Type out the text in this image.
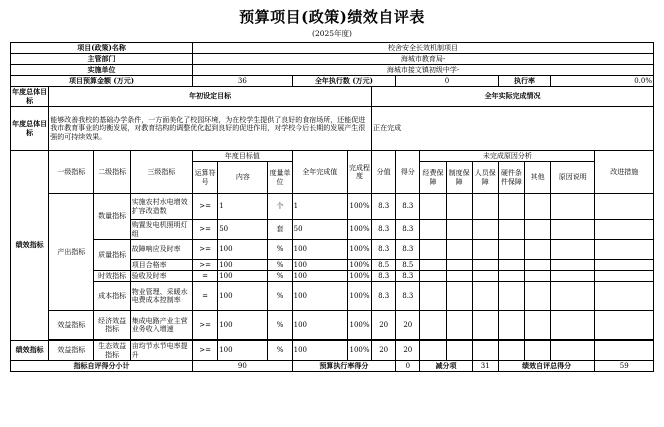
预算项目(政策)绩效自评表
(2025年度)
项目(政策)名称				校舍安全长效机制项目													
主管部门				海城市教育局-													
实施单位				海城市接文镇初级中学-													
项目预算金额 (万元)				36			全年执行数 (万元)			0				执行率		0.0%	
年度总体目标	年初设定目标								全年实际完成情况								
年度总体目标	能够改善我校的基础办学条件，一方面美化了校园环境，为在校学生提供了良好的食宿场所，还能促进我市教育事业的均衡发展，对教育结构的调整优化起到良好的促进作用，对学校今后长期的发展产生很强的可持续效果。								正在完成								
绩效指标	一级指标	二级指标	三级指标	年度目标值			全年完成值	完成程度	分值	得分	未完成原因分析						改进措施
				运算符号	内容	度量单位					经费保障	制度保障	人员保障	硬件条件保障	其他	原因说明	
	产出指标	数量指标	实施农村水电增效扩容改造数	>=	1	个	1	100%	8.3	8.3							
			购置发电机照明灯组	>=	50	套	50	100%	8.3	8.3							
		质量指标	故障响应及时率	>=	100	%	100	100%	8.3	8.3							
			项目合格率	>=	100	%	100	100%	8.5	8.5							
		时效指标	验收及时率	=	100	%	100	100%	8.3	8.3							
		成本指标	物业管理、采暖水电费成本控制率	=	100	%	100	100%	8.3	8.3							
	效益指标	经济效益指标	集成电路产业主营业务收入增速	>=	100	%	100	100%	20	20							

绩效指标	效益指标	生态效益指标	亩均节水节电率提升	>=	100	%	100	100%	20	20							
指标自评得分小计				90			预算执行率得分			0	减分项		31	绩效自评总得分			59
